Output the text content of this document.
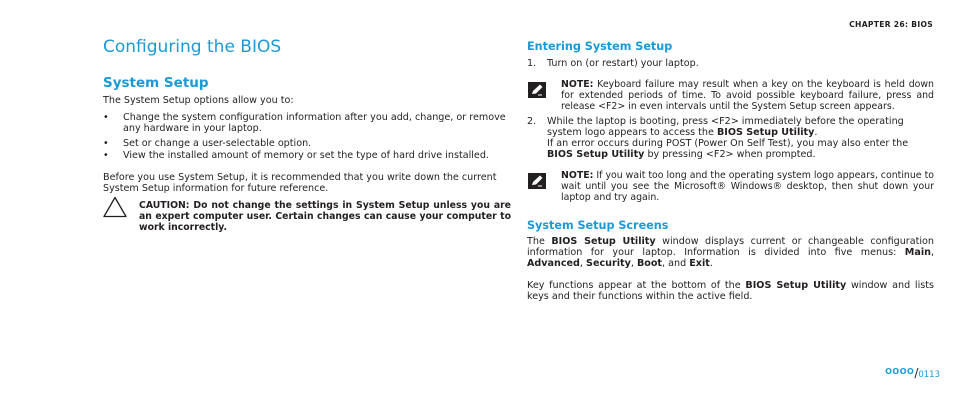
CHAPTER 26: BIOS
Configuring the BIOS
System Setup

The System Setup options allow you to:

• Change the system configuration information after you add, change, or remove any hardware in your laptop.
• Set or change a user-selectable option.
• View the installed amount of memory or set the type of hard drive installed.

Before you use System Setup, it is recommended that you write down the current System Setup information for future reference.

CAUTION: Do not change the settings in System Setup unless you are an expert computer user. Certain changes can cause your computer to work incorrectly.
Entering System Setup
1. Turn on (or restart) your laptop.
NOTE: Keyboard failure may result when a key on the keyboard is held down for extended periods of time. To avoid possible keyboard failure, press and release <F2> in even intervals until the System Setup screen appears.
2. While the laptop is booting, press <F2> immediately before the operating system logo appears to access the BIOS Setup Utility.
If an error occurs during POST (Power On Self Test), you may also enter the BIOS Setup Utility by pressing <F2> when prompted.
NOTE: If you wait too long and the operating system logo appears, continue to wait until you see the Microsoft® Windows® desktop, then shut down your laptop and try again.
System Setup Screens

The BIOS Setup Utility window displays current or changeable configuration information for your laptop. Information is divided into five menus: Main, Advanced, Security, Boot, and Exit.

Key functions appear at the bottom of the BIOS Setup Utility window and lists keys and their functions within the active field.

OOOO/0113
